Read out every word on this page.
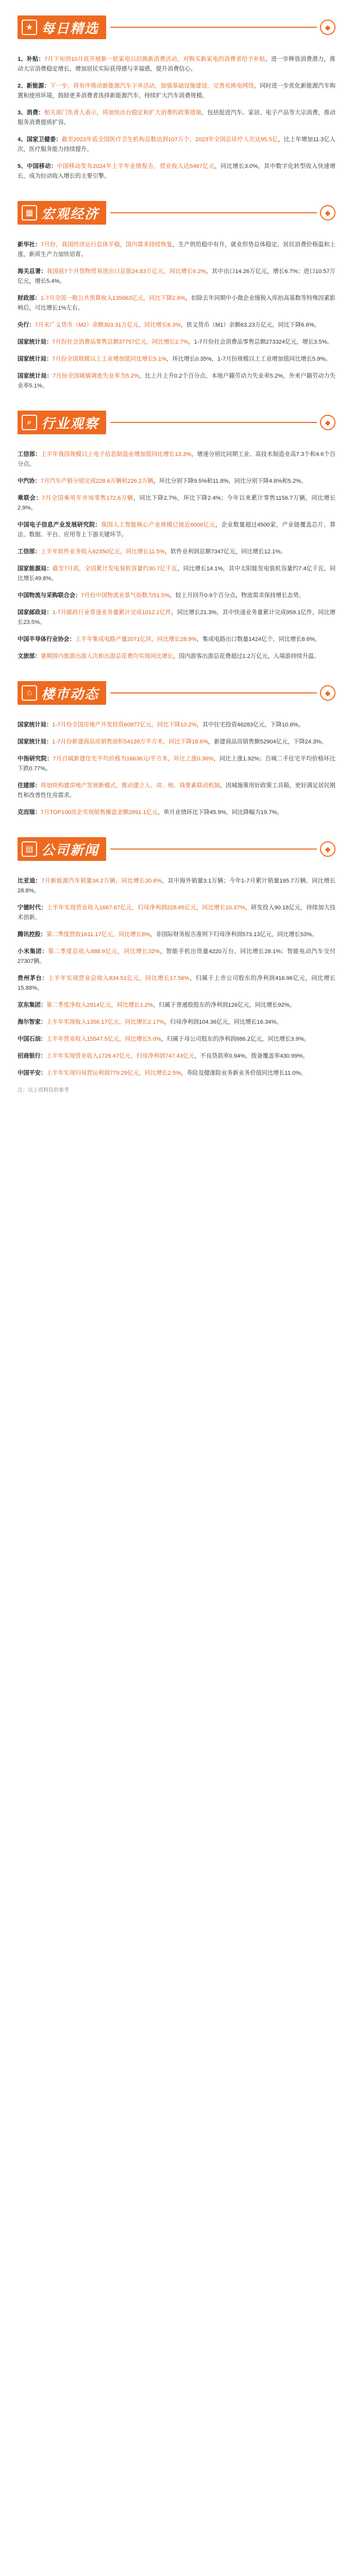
★ 每日精选	◆

1、补贴：7月下旬到10月底开展新一轮家电以旧换新消费活动，对购买新家电的消费者给予补贴，进一步释放消费潜力，推动大宗消费稳定增长，增加居民实际获得感与幸福感，提升消费信心。

2、新能源：下一步，将有序推动新能源汽车下乡活动，加强基础设施建设，完善充换电网络，同时进一步优化新能源汽车购置和使用环境，鼓励更多消费者选择新能源汽车，持续扩大汽车消费规模。

3、消费：相关部门负责人表示，将加快出台稳定和扩大消费的政策措施，包括促进汽车、家居、电子产品等大宗消费，推动服务消费提质扩容。

4、国家卫健委：截至2023年底全国医疗卫生机构总数达到107万个，2023年全国总诊疗人次达95.5亿，比上年增加11.3亿人次，医疗服务能力持续提升。

5、中国移动：中国移动发布2024年上半年业绩报告，营业收入达5467亿元，同比增长3.0%，其中数字化转型收入快速增长，成为拉动收入增长的主要引擎。

▦ 宏观经济	◆

新华社：7月份，我国经济运行总体平稳，国内需求持续恢复，生产供给稳中有升，就业形势总体稳定，居民消费价格温和上涨，新质生产力加快培育。

海关总署：我国前7个月货物贸易进出口总值24.83万亿元，同比增长6.2%，其中出口14.26万亿元，增长6.7%；进口10.57万亿元，增长5.4%。

财政部：1-7月全国一般公共预算收入135663亿元，同比下降2.6%，扣除去年同期中小微企业缓税入库抬高基数等特殊因素影响后，可比增长1%左右。

央行：7月末广义货币（M2）余额303.31万亿元，同比增长6.3%，狭义货币（M1）余额63.23万亿元，同比下降6.6%。

国家统计局：7月份社会消费品零售总额37757亿元，同比增长2.7%，1-7月份社会消费品零售总额273324亿元，增长3.5%。

国家统计局：7月份全国规模以上工业增加值同比增长5.1%，环比增长0.35%，1-7月份规模以上工业增加值同比增长5.9%。

国家统计局：7月份全国城镇调查失业率为5.2%，比上月上升0.2个百分点，本地户籍劳动力失业率5.2%，外来户籍劳动力失业率5.1%。

⌕ 行业观察	◆

工信部：上半年我国规模以上电子信息制造业增加值同比增长13.3%，增速分别比同期工业、高技术制造业高7.3个和4.6个百分点。

中汽协：7月汽车产销分别完成228.6万辆和226.2万辆，环比分别下降9.5%和11.8%，同比分别下降4.8%和5.2%。

乘联会：7月全国乘用车市场零售172.6万辆，同比下降2.7%，环比下降2.4%；今年以来累计零售1156.7万辆，同比增长2.9%。

中国电子信息产业发展研究院：我国人工智能核心产业规模已接近6000亿元，企业数量超过4500家，产业链覆盖芯片、算法、数据、平台、应用等上下游关键环节。

工信部：上半年软件业务收入62350亿元，同比增长11.5%，软件业利润总额7347亿元，同比增长12.1%。

国家能源局：截至7月底，全国累计发电装机容量约30.7亿千瓦，同比增长14.1%，其中太阳能发电装机容量约7.4亿千瓦，同比增长49.8%。

中国物流与采购联合会：7月份中国物流业景气指数为51.5%，较上月回升0.9个百分点，物流需求保持增长态势。

国家邮政局：1-7月邮政行业寄递业务量累计完成1012.1亿件，同比增长21.3%，其中快递业务量累计完成959.1亿件，同比增长23.5%。

中国半导体行业协会：上半年集成电路产量2071亿块，同比增长28.9%，集成电路出口数量1424亿个，同比增长8.6%。

文旅部：暑期国内旅游出游人次和出游总花费均实现同比增长，国内游客出游总花费超过1.2万亿元，入境游持续升温。

⌂ 楼市动态	◆

国家统计局：1-7月份全国房地产开发投资60877亿元，同比下降10.2%，其中住宅投资46283亿元，下降10.6%。

国家统计局：1-7月份新建商品房销售面积54139万平方米，同比下降18.6%，新建商品房销售额52904亿元，下降24.3%。

中指研究院：7月百城新建住宅平均价格为16636元/平方米，环比上涨0.36%，同比上涨1.92%；百城二手住宅平均价格环比下跌0.77%。

住建部：将加快构建房地产发展新模式，推动建立人、房、地、钱要素联动机制，因城施策用好政策工具箱，更好满足居民刚性和改善性住房需求。

克而瑞：7月TOP100房企实现销售操盘金额2691.1亿元，单月业绩环比下降45.9%，同比降幅为19.7%。

▤ 公司新闻	◆

比亚迪：7月新能源汽车销量34.2万辆，同比增长30.6%，其中海外销量3.1万辆；今年1-7月累计销量195.7万辆，同比增长28.8%。

宁德时代：上半年实现营业收入1667.67亿元，归母净利润228.65亿元，同比增长10.37%，研发投入90.18亿元，持续加大技术创新。

腾讯控股：第二季度营收1611.17亿元，同比增长8%，非国际财务报告准则下归母净利润573.13亿元，同比增长53%。

小米集团：第二季度总收入888.9亿元，同比增长32%，智能手机出货量4220万台，同比增长28.1%；智能电动汽车交付27307辆。

贵州茅台：上半年实现营业总收入834.51亿元，同比增长17.56%，归属于上市公司股东的净利润416.96亿元，同比增长15.88%。

京东集团：第二季度净收入2914亿元，同比增长1.2%，归属于普通股股东的净利润126亿元，同比增长92%。

海尔智家：上半年实现收入1356.17亿元，同比增长2.17%，归母净利润104.36亿元，同比增长16.34%。

中国石油：上半年营业收入15547.5亿元，同比增长5.0%，归属于母公司股东的净利润886.2亿元，同比增长3.9%。

招商银行：上半年实现营业收入1729.47亿元，归母净利润747.43亿元，不良贷款率0.94%，拨备覆盖率430.99%。

中国平安：上半年实现归母营运利润779.29亿元，同比增长2.5%，寿险及健康险业务新业务价值同比增长11.0%。

注：以上资料仅供参考
